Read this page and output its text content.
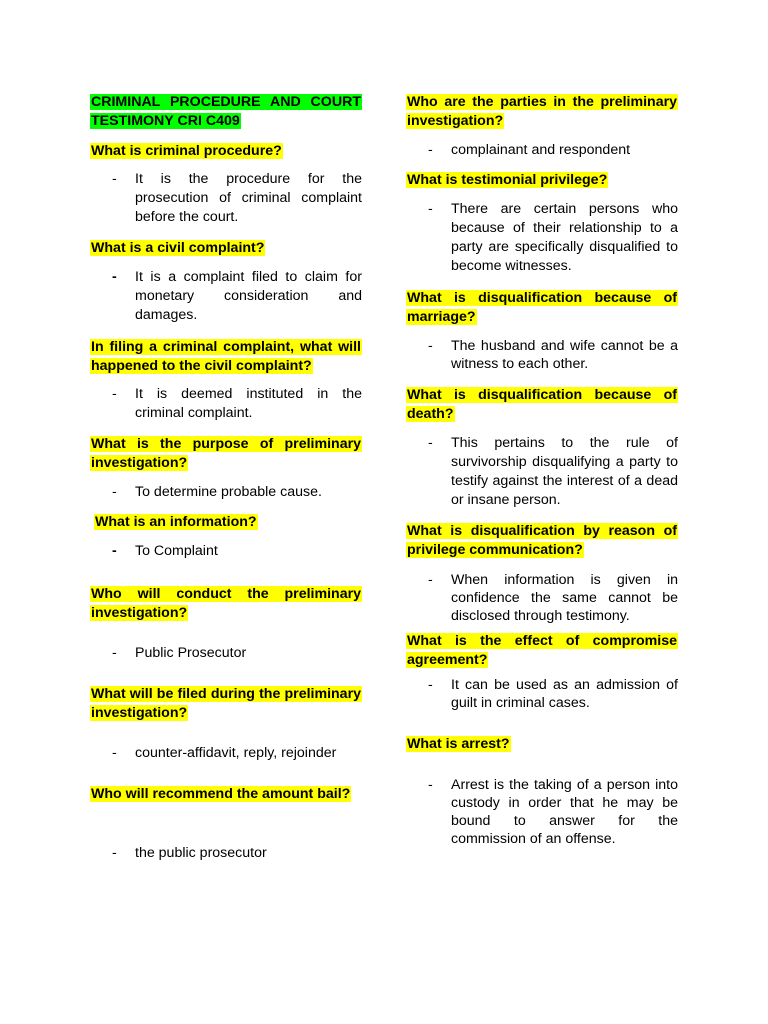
CRIMINAL PROCEDURE AND COURT TESTIMONY CRI C409
What is criminal procedure?
- It is the procedure for the prosecution of criminal complaint before the court.
What is a civil complaint?
- It is a complaint filed to claim for monetary consideration and damages.
In filing a criminal complaint, what will happened to the civil complaint?
- It is deemed instituted in the criminal complaint.
What is the purpose of preliminary investigation?
- To determine probable cause.
What is an information?
- To Complaint
Who will conduct the preliminary investigation?
- Public Prosecutor
What will be filed during the preliminary investigation?
- counter-affidavit, reply, rejoinder
Who will recommend the amount bail?
- the public prosecutor
Who are the parties in the preliminary investigation?
- complainant and respondent
What is testimonial privilege?
- There are certain persons who because of their relationship to a party are specifically disqualified to become witnesses.
What is disqualification because of marriage?
- The husband and wife cannot be a witness to each other.
What is disqualification because of death?
- This pertains to the rule of survivorship disqualifying a party to testify against the interest of a dead or insane person.
What is disqualification by reason of privilege communication?
- When information is given in confidence the same cannot be disclosed through testimony.
What is the effect of compromise agreement?
- It can be used as an admission of guilt in criminal cases.
What is arrest?
- Arrest is the taking of a person into custody in order that he may be bound to answer for the commission of an offense.
